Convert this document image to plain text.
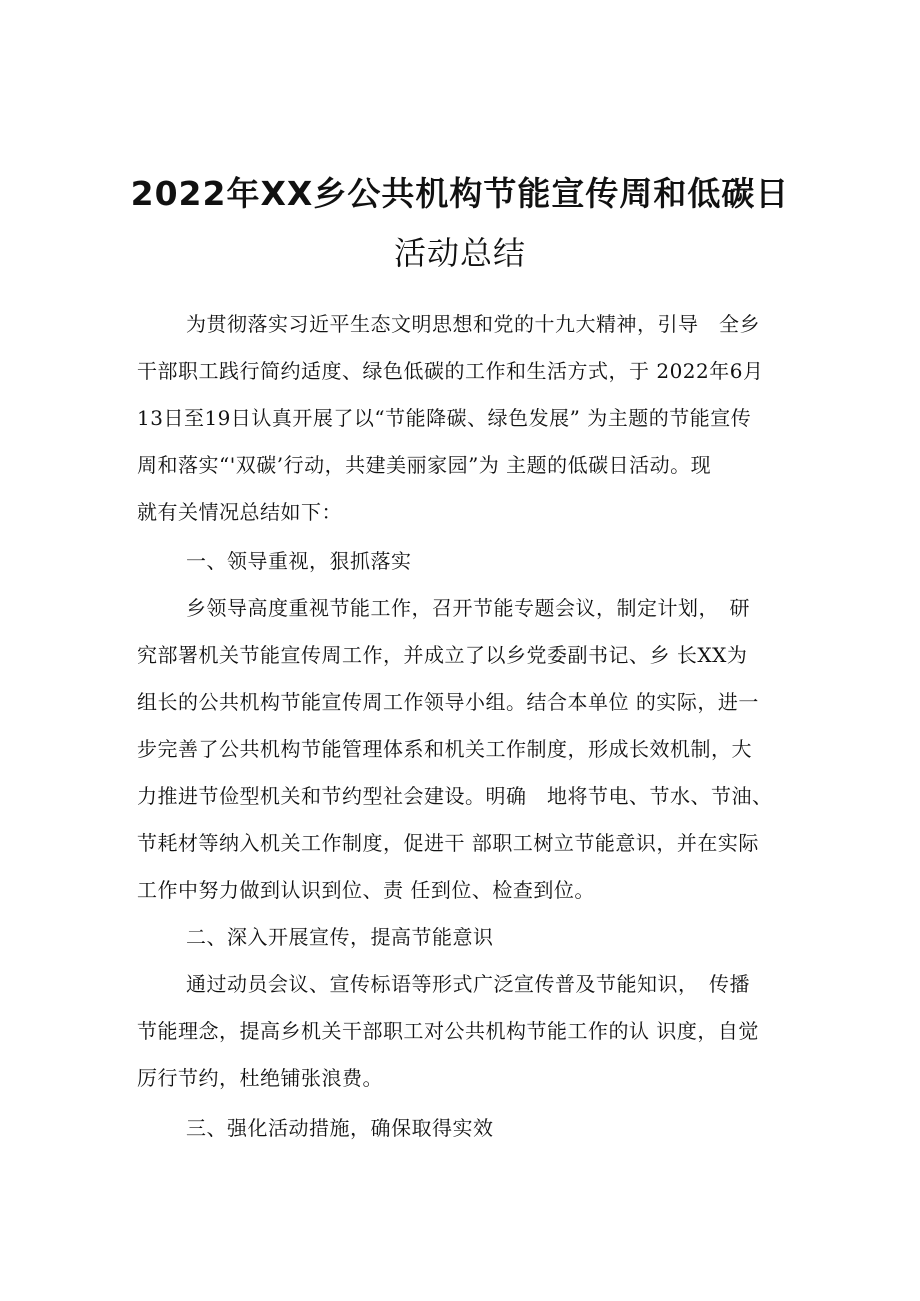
2022年XX乡公共机构节能宣传周和低碳日
活动总结

为贯彻落实习近平生态文明思想和党的十九大精神，引导　全乡

干部职工践行简约适度、绿色低碳的工作和生活方式，于 2022年6月

13日至19日认真开展了以“节能降碳、绿色发展” 为主题的节能宣传

周和落实“'双碳’行动，共建美丽家园”为 主题的低碳日活动。现

就有关情况总结如下：

一、领导重视，狠抓落实

乡领导高度重视节能工作，召开节能专题会议，制定计划，　研

究部署机关节能宣传周工作，并成立了以乡党委副书记、乡 长XX为

组长的公共机构节能宣传周工作领导小组。结合本单位 的实际，进一

步完善了公共机构节能管理体系和机关工作制度，形成长效机制，大

力推进节俭型机关和节约型社会建设。明确　地将节电、节水、节油、

节耗材等纳入机关工作制度，促进干 部职工树立节能意识，并在实际

工作中努力做到认识到位、责 任到位、检查到位。

二、深入开展宣传，提高节能意识

通过动员会议、宣传标语等形式广泛宣传普及节能知识，　传播

节能理念，提高乡机关干部职工对公共机构节能工作的认 识度，自觉

厉行节约，杜绝铺张浪费。

三、强化活动措施，确保取得实效
